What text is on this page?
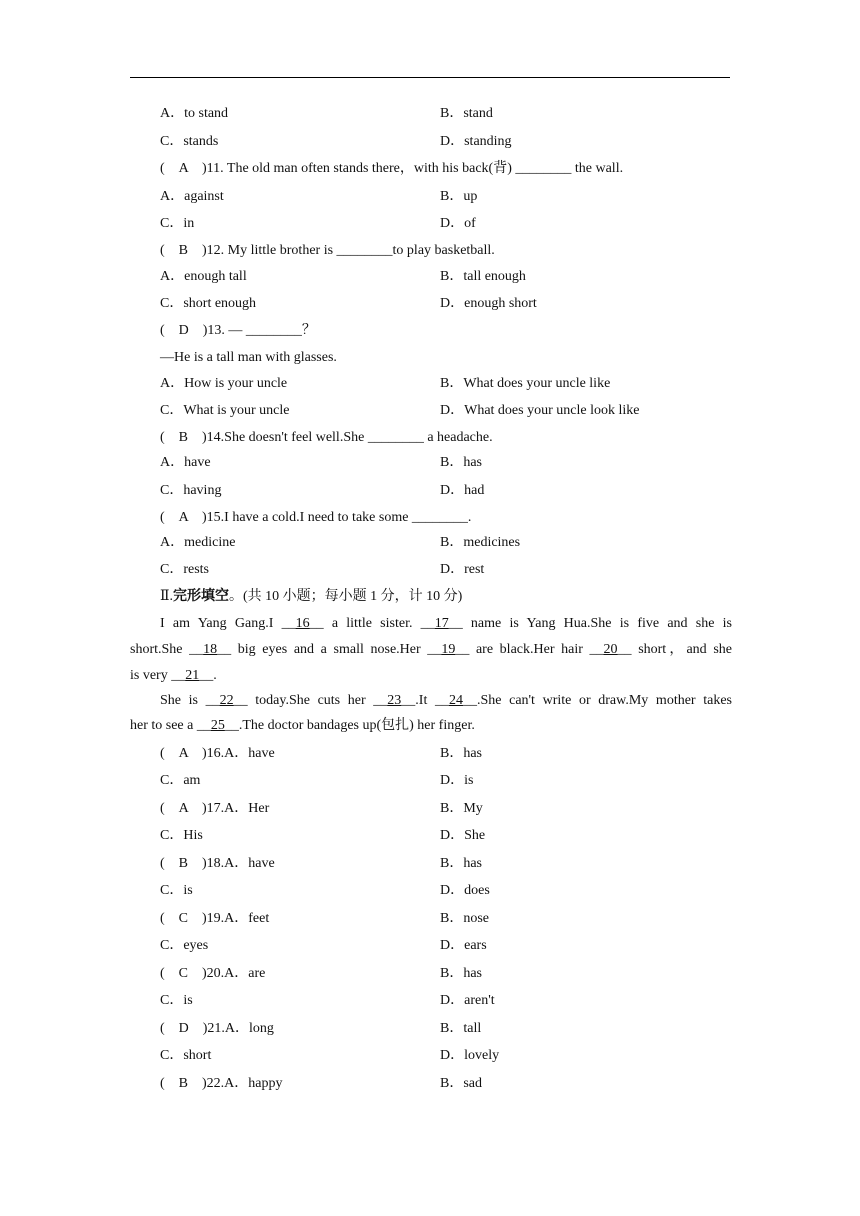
A．to stand	B．stand
C．stands	D．standing
(　A　)11. The old man often stands there，with his back(背) ________ the wall.
A．against	B．up
C．in	D．of
(　B　)12. My little brother is ________to play basketball.
A．enough tall	B．tall enough
C．short enough	D．enough short
(　D　)13. — ________？
—He is a tall man with glasses.
A．How is your uncle	B．What does your uncle like
C．What is your uncle	D．What does your uncle look like
(　B　)14.She doesn't feel well.She ________ a headache.
A．have	B．has
C．having	D．had
(　A　)15.I have a cold.I need to take some ________.
A．medicine	B．medicines
C．rests	D．rest
Ⅱ.完形填空。(共 10 小题；每小题 1 分，计 10 分)
I am Yang Gang.I __16__ a little sister. __17__ name is Yang Hua.She is five and she is
short.She __18__ big eyes and a small nose.Her __19__ are black.Her hair __20__ short，and she
is very __21__.
She is __22__ today.She cuts her __23__.It __24__.She can't write or draw.My mother takes
her to see a __25__.The doctor bandages up(包扎) her finger.
(　A　)16.A．have	B．has
C．am	D．is
(　A　)17.A．Her	B．My
C．His	D．She
(　B　)18.A．have	B．has
C．is	D．does
(　C　)19.A．feet	B．nose
C．eyes	D．ears
(　C　)20.A．are	B．has
C．is	D．aren't
(　D　)21.A．long	B．tall
C．short	D．lovely
(　B　)22.A．happy	B．sad
